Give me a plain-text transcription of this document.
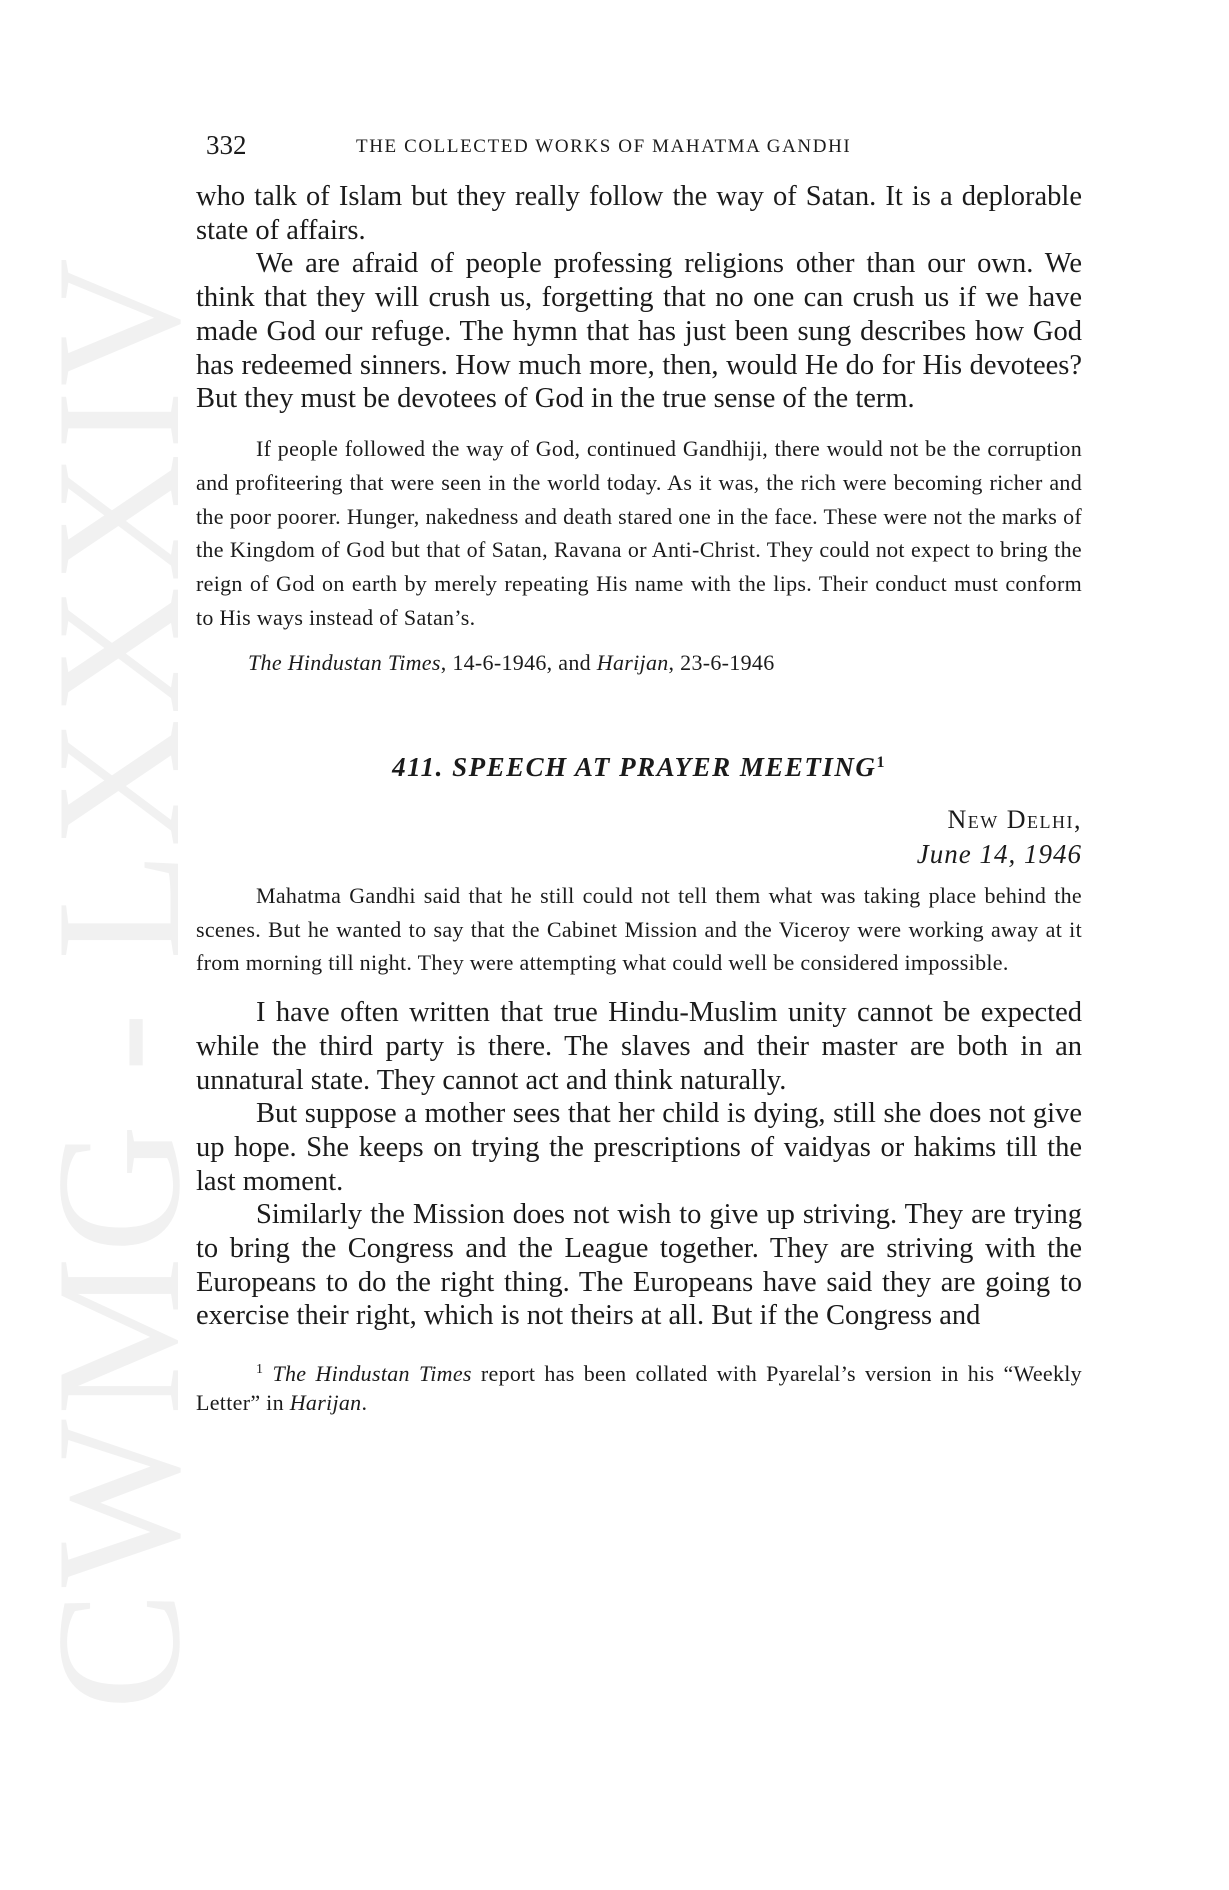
CWMG - LXXXIV
332	THE COLLECTED WORKS OF MAHATMA GANDHI

who talk of Islam but they really follow the way of Satan. It is a deplorable state of affairs.

We are afraid of people professing religions other than our own. We think that they will crush us, forgetting that no one can crush us if we have made God our refuge. The hymn that has just been sung describes how God has redeemed sinners. How much more, then, would He do for His devotees? But they must be devotees of God in the true sense of the term.

If people followed the way of God, continued Gandhiji, there would not be the corruption and profiteering that were seen in the world today. As it was, the rich were becoming richer and the poor poorer. Hunger, nakedness and death stared one in the face. These were not the marks of the Kingdom of God but that of Satan, Ravana or Anti-Christ. They could not expect to bring the reign of God on earth by merely repeating His name with the lips. Their conduct must conform to His ways instead of Satan’s.

The Hindustan Times, 14-6-1946, and Harijan, 23-6-1946

411. SPEECH AT PRAYER MEETING$^1$
New Delhi,
June 14, 1946

Mahatma Gandhi said that he still could not tell them what was taking place behind the scenes. But he wanted to say that the Cabinet Mission and the Viceroy were working away at it from morning till night. They were attempting what could well be considered impossible.

I have often written that true Hindu-Muslim unity cannot be expected while the third party is there. The slaves and their master are both in an unnatural state. They cannot act and think naturally.

But suppose a mother sees that her child is dying, still she does not give up hope. She keeps on trying the prescriptions of vaidyas or hakims till the last moment.

Similarly the Mission does not wish to give up striving. They are trying to bring the Congress and the League together. They are striving with the Europeans to do the right thing. The Europeans have said they are going to exercise their right, which is not theirs at all. But if the Congress and

$^1$ The Hindustan Times report has been collated with Pyarelal’s version in his “Weekly Letter” in Harijan.
